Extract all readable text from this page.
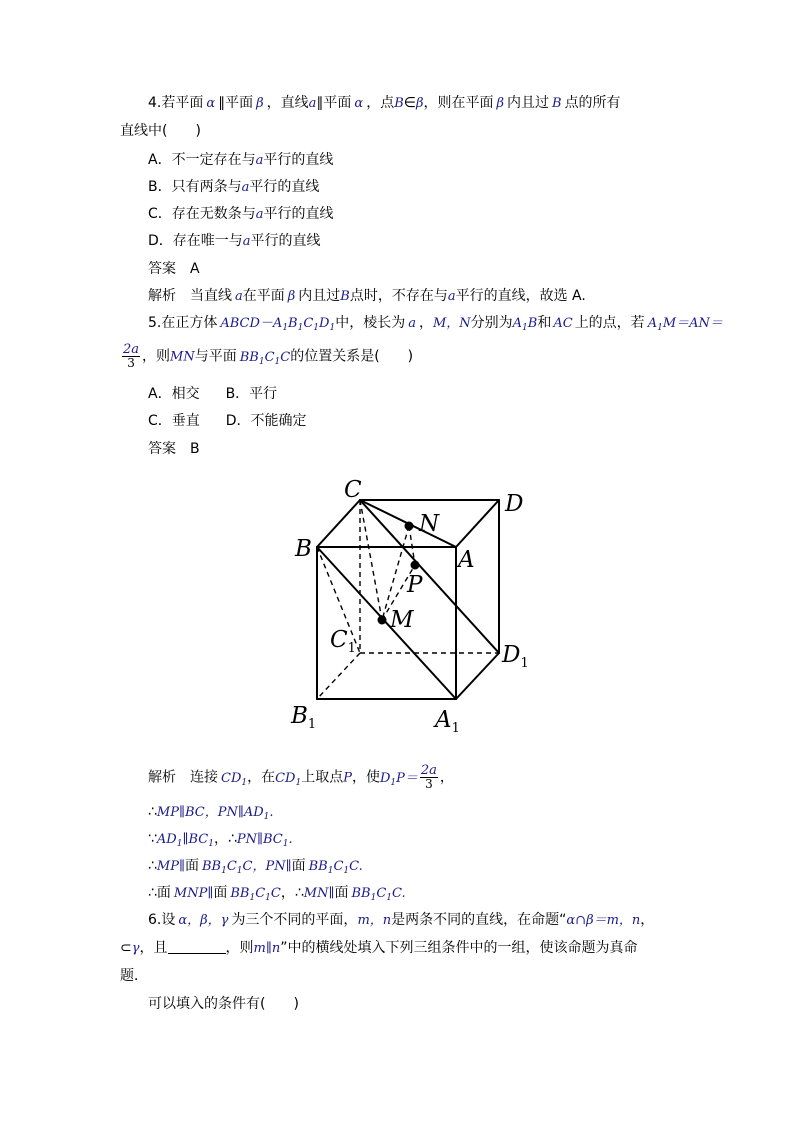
4.若平面 α ∥平面 β ，直线a∥平面 α ，点B∈β，则在平面 β 内且过 B 点的所有
直线中(　　)
A．不一定存在与a平行的直线
B．只有两条与a平行的直线
C．存在无数条与a平行的直线
D．存在唯一与a平行的直线
答案　A
解析　当直线 a在平面 β 内且过B点时，不存在与a平行的直线，故选 A.
5.在正方体 $ABCD-A_1B_1C_1D_1$中，棱长为 a ，M，N分别为$A_1B$和 AC 上的点，若 $A_1M=AN=$
$\frac{2a}{3}$ ，则MN与平面 $BB_1C_1C$的位置关系是(　　)
A．相交 B．平行
C．垂直 D．不能确定
答案　B
C
D
N
B	A
P
M
$C_1$	$D_1$
$B_1$	$A_1$
解析　连接 $CD_1$，在$CD_1$上取点P，使$D_1P= \frac{2a}{3}$ ，
∴MP∥BC，$PN\parallel AD_1$.
$\because AD_1\parallel BC_1$，$\therefore PN\parallel BC_1$.
∴MP∥面 $BB_1C_1C$，PN∥面 $BB_1C_1C$.
∴面 MNP∥面 $BB_1C_1C$，∴MN∥面 $BB_1C_1C$.
6.设 α，β，γ 为三个不同的平面，m，n是两条不同的直线，在命题“α∩β＝m，n，
⊂γ，且	，则m∥n”中的横线处填入下列三组条件中的一组，使该命题为真命
题．
可以填入的条件有(　　)
